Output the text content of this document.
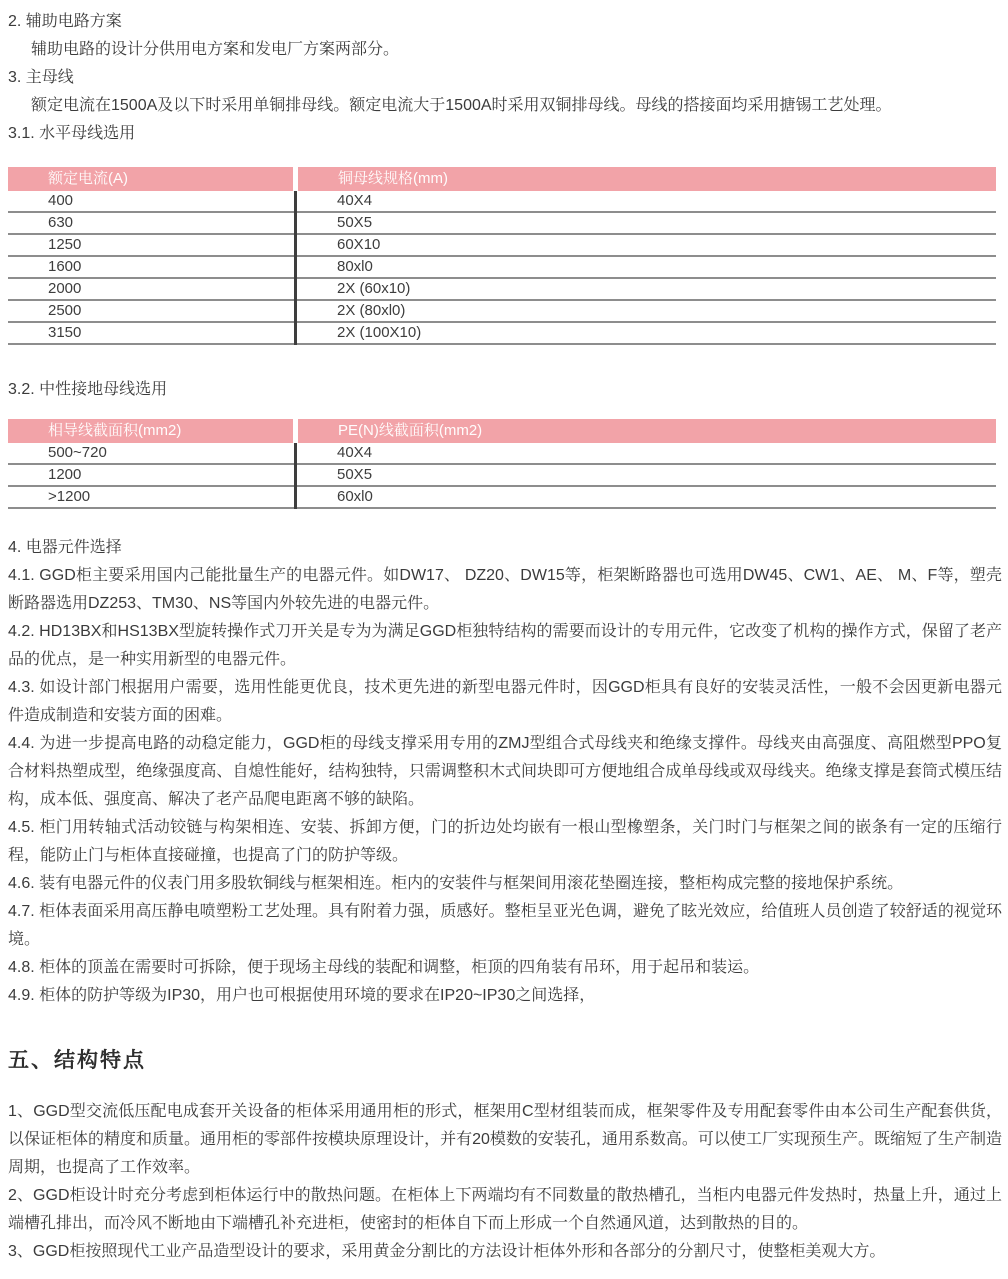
2. 辅助电路方案

辅助电路的设计分供用电方案和发电厂方案两部分。

3. 主母线

额定电流在1500A及以下时采用单铜排母线。额定电流大于1500A时采用双铜排母线。母线的搭接面均采用搪锡工艺处理。

3.1. 水平母线选用

额定电流(A)	铜母线规格(mm)
400	40X4
630	50X5
1250	60X10
1600	80xl0
2000	2X (60x10)
2500	2X (80xl0)
3150	2X (100X10)

3.2. 中性接地母线选用

相导线截面积(mm2)	PE(N)线截面积(mm2)
500~720	40X4
1200	50X5
>1200	60xl0

4. 电器元件选择

4.1. GGD柜主要采用国内己能批量生产的电器元件。如DW17、 DZ20、DW15等，柜架断路器也可选用DW45、CW1、AE、 M、F等，塑壳断路器选用DZ253、TM30、NS等国内外较先进的电器元件。

4.2. HD13BX和HS13BX型旋转操作式刀开关是专为为满足GGD柜独特结构的需要而设计的专用元件，它改变了机构的操作方式，保留了老产品的优点，是一种实用新型的电器元件。

4.3. 如设计部门根据用户需要，选用性能更优良，技术更先进的新型电器元件时，因GGD柜具有良好的安装灵活性，一般不会因更新电器元件造成制造和安装方面的困难。

4.4. 为进一步提高电路的动稳定能力，GGD柜的母线支撑采用专用的ZMJ型组合式母线夹和绝缘支撑件。母线夹由高强度、高阻燃型PPO复合材料热塑成型，绝缘强度高、自熄性能好，结构独特，只需调整积木式间块即可方便地组合成单母线或双母线夹。绝缘支撑是套筒式模压结构，成本低、强度高、解决了老产品爬电距离不够的缺陷。

4.5. 柜门用转轴式活动铰链与构架相连、安装、拆卸方便，门的折边处均嵌有一根山型橡塑条，关门时门与框架之间的嵌条有一定的压缩行程，能防止门与柜体直接碰撞，也提高了门的防护等级。

4.6. 装有电器元件的仪表门用多股软铜线与框架相连。柜内的安装件与框架间用滚花垫圈连接，整柜构成完整的接地保护系统。

4.7. 柜体表面采用高压静电喷塑粉工艺处理。具有附着力强，质感好。整柜呈亚光色调，避免了眩光效应，给值班人员创造了较舒适的视觉环境。

4.8. 柜体的顶盖在需要时可拆除，便于现场主母线的装配和调整，柜顶的四角装有吊环，用于起吊和装运。

4.9. 柜体的防护等级为IP30，用户也可根据使用环境的要求在IP20~IP30之间选择，

五、结构特点

1、GGD型交流低压配电成套开关设备的柜体采用通用柜的形式，框架用C型材组装而成，框架零件及专用配套零件由本公司生产配套供货，以保证柜体的精度和质量。通用柜的零部件按模块原理设计，并有20模数的安装孔，通用系数高。可以使工厂实现预生产。既缩短了生产制造周期，也提高了工作效率。

2、GGD柜设计时充分考虑到柜体运行中的散热问题。在柜体上下两端均有不同数量的散热槽孔，当柜内电器元件发热时，热量上升，通过上端槽孔排出，而冷风不断地由下端槽孔补充进柜，使密封的柜体自下而上形成一个自然通风道，达到散热的目的。

3、GGD柜按照现代工业产品造型设计的要求，采用黄金分割比的方法设计柜体外形和各部分的分割尺寸，使整柜美观大方。
